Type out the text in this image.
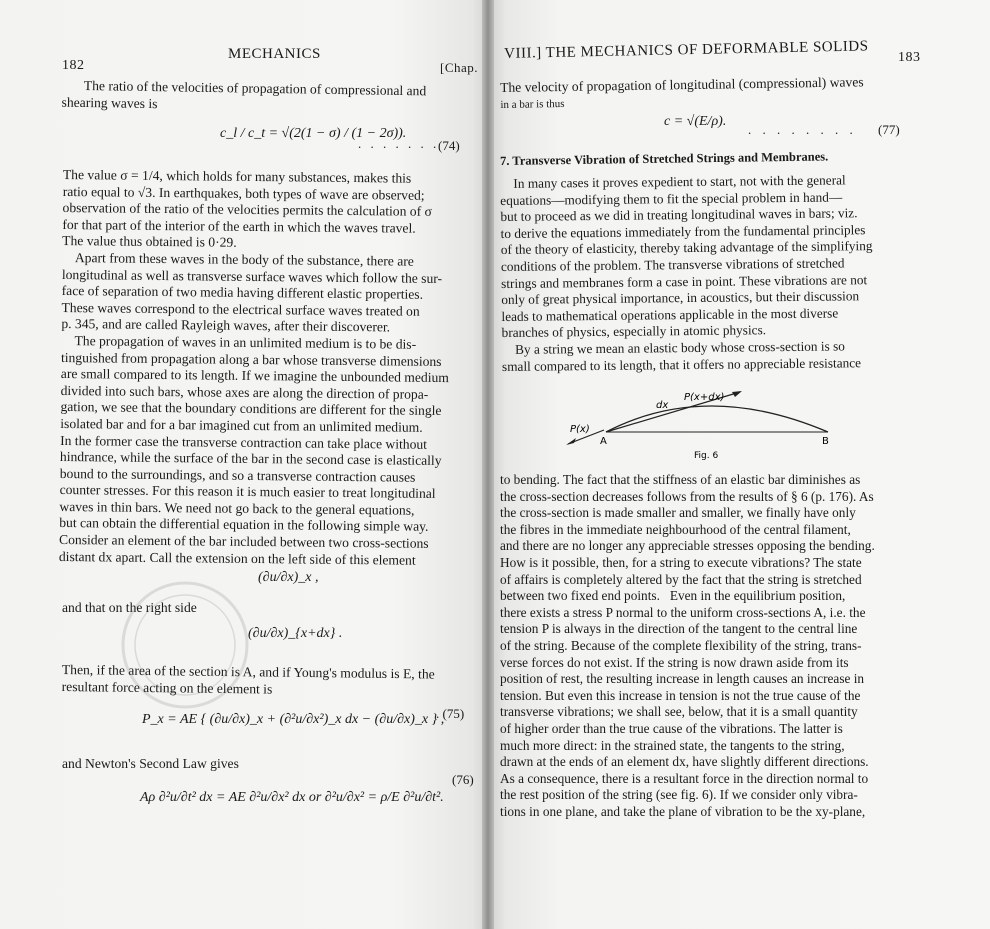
182
MECHANICS
[Chap.

The ratio of the velocities of propagation of compressional and

shearing waves is

c_l / c_t = √(2(1 − σ) / (1 − 2σ)).
. . . . . . .
(74)

The value σ = 1/4, which holds for many substances, makes this

ratio equal to √3. In earthquakes, both types of wave are observed;

observation of the ratio of the velocities permits the calculation of σ

for that part of the interior of the earth in which the waves travel.

The value thus obtained is 0·29.

Apart from these waves in the body of the substance, there are

longitudinal as well as transverse surface waves which follow the sur-

face of separation of two media having different elastic properties.

These waves correspond to the electrical surface waves treated on

p. 345, and are called Rayleigh waves, after their discoverer.

The propagation of waves in an unlimited medium is to be dis-

tinguished from propagation along a bar whose transverse dimensions

are small compared to its length. If we imagine the unbounded medium

divided into such bars, whose axes are along the direction of propa-

gation, we see that the boundary conditions are different for the single

isolated bar and for a bar imagined cut from an unlimited medium.

In the former case the transverse contraction can take place without

hindrance, while the surface of the bar in the second case is elastically

bound to the surroundings, and so a transverse contraction causes

counter stresses. For this reason it is much easier to treat longitudinal

waves in thin bars. We need not go back to the general equations,

but can obtain the differential equation in the following simple way.

Consider an element of the bar included between two cross-sections

distant dx apart. Call the extension on the left side of this element

(∂u/∂x)_x ,
and that on the right side
(∂u/∂x)_{x+dx} .

Then, if the area of the section is A, and if Young's modulus is E, the

resultant force acting on the element is

P_x = AE { (∂u/∂x)_x + (∂²u/∂x²)_x dx − (∂u/∂x)_x } ,
. (75)
and Newton's Second Law gives
Aρ ∂²u/∂t² dx = AE ∂²u/∂x² dx or ∂²u/∂x² = ρ/E ∂²u/∂t².
(76)
VIII.] THE MECHANICS OF DEFORMABLE SOLIDS 183

The velocity of propagation of longitudinal (compressional) waves

in a bar is thus

c = √(E/ρ).
. . . . . . . . (77)
7. Transverse Vibration of Stretched Strings and Membranes.

In many cases it proves expedient to start, not with the general

equations—modifying them to fit the special problem in hand—

but to proceed as we did in treating longitudinal waves in bars; viz.

to derive the equations immediately from the fundamental principles

of the theory of elasticity, thereby taking advantage of the simplifying

conditions of the problem. The transverse vibrations of stretched

strings and membranes form a case in point. These vibrations are not

only of great physical importance, in acoustics, but their discussion

leads to mathematical operations applicable in the most diverse

branches of physics, especially in atomic physics.

By a string we mean an elastic body whose cross-section is so

small compared to its length, that it offers no appreciable resistance

P(x)
dx
P(x+dx)
A	B
Fig. 6

to bending. The fact that the stiffness of an elastic bar diminishes as

the cross-section decreases follows from the results of § 6 (p. 176). As

the cross-section is made smaller and smaller, we finally have only

the fibres in the immediate neighbourhood of the central filament,

and there are no longer any appreciable stresses opposing the bending.

How is it possible, then, for a string to execute vibrations? The state

of affairs is completely altered by the fact that the string is stretched

between two fixed end points.   Even in the equilibrium position,

there exists a stress P normal to the uniform cross-sections A, i.e. the

tension P is always in the direction of the tangent to the central line

of the string. Because of the complete flexibility of the string, trans-

verse forces do not exist. If the string is now drawn aside from its

position of rest, the resulting increase in length causes an increase in

tension. But even this increase in tension is not the true cause of the

transverse vibrations; we shall see, below, that it is a small quantity

of higher order than the true cause of the vibrations. The latter is

much more direct: in the strained state, the tangents to the string,

drawn at the ends of an element dx, have slightly different directions.

As a consequence, there is a resultant force in the direction normal to

the rest position of the string (see fig. 6). If we consider only vibra-

tions in one plane, and take the plane of vibration to be the xy-plane,
